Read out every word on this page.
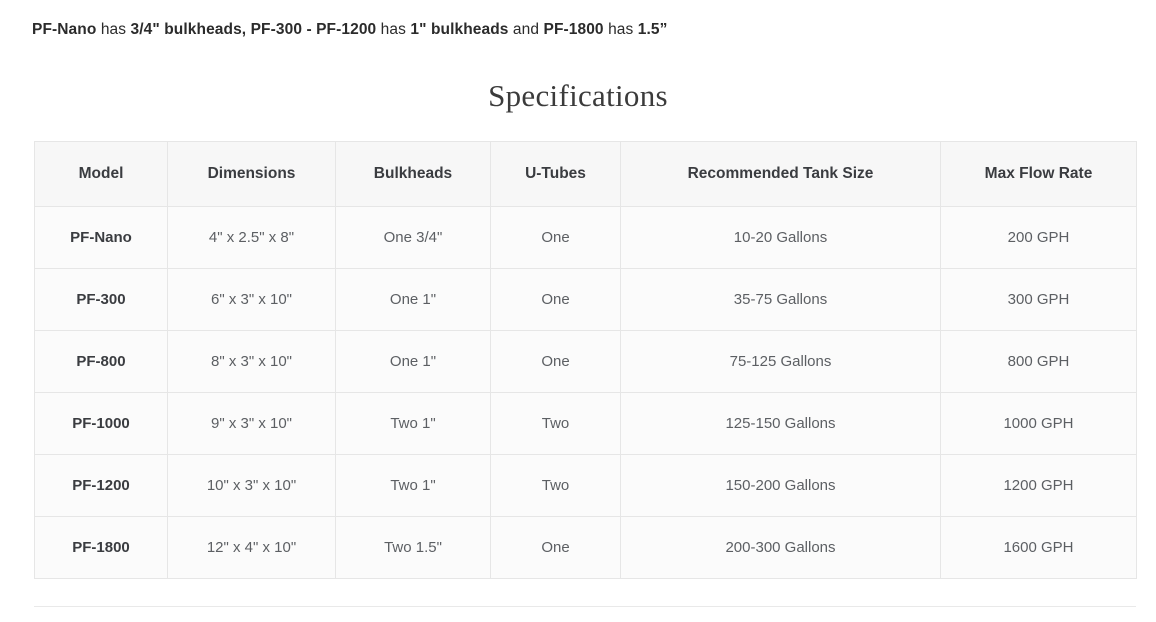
PF-Nano has 3/4" bulkheads, PF-300 - PF-1200 has 1" bulkheads and PF-1800 has 1.5”
Specifications
Model	Dimensions	Bulkheads	U-Tubes	Recommended Tank Size	Max Flow Rate
PF-Nano	4" x 2.5" x 8"	One 3/4"	One	10-20 Gallons	200 GPH
PF-300	6" x 3" x 10"	One 1"	One	35-75 Gallons	300 GPH
PF-800	8" x 3" x 10"	One 1"	One	75-125 Gallons	800 GPH
PF-1000	9" x 3" x 10"	Two 1"	Two	125-150 Gallons	1000 GPH
PF-1200	10" x 3" x 10"	Two 1"	Two	150-200 Gallons	1200 GPH
PF-1800	12" x 4" x 10"	Two 1.5"	One	200-300 Gallons	1600 GPH
